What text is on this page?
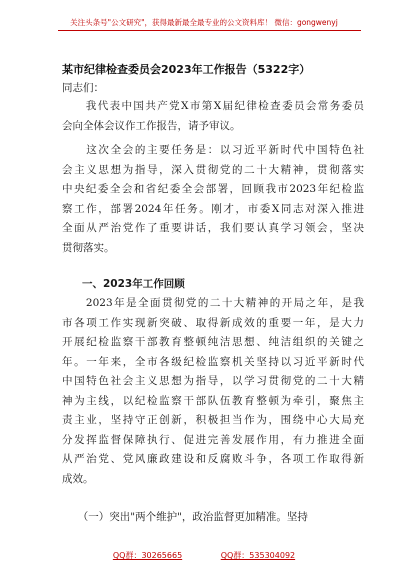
关注头条号"公文研究"，获得最新最全最专业的公文资料库！ 微信：gongwenyj
某市纪律检查委员会2023年工作报告（5322字）
同志们：
　　我代表中国共产党X市第X届纪律检查委员会常务委员
会向全体会议作工作报告，请予审议。
　　这次全会的主要任务是：以习近平新时代中国特色社
会主义思想为指导，深入贯彻党的二十大精神，贯彻落实
中央纪委全会和省纪委全会部署，回顾我市2023年纪检监
察工作，部署2024年任务。刚才，市委X同志对深入推进
全面从严治党作了重要讲话，我们要认真学习领会，坚决
贯彻落实。
一、2023年工作回顾
　　2023年是全面贯彻党的二十大精神的开局之年，是我
市各项工作实现新突破、取得新成效的重要一年，是大力
开展纪检监察干部教育整顿纯洁思想、纯洁组织的关键之
年。一年来，全市各级纪检监察机关坚持以习近平新时代
中国特色社会主义思想为指导，以学习贯彻党的二十大精
神为主线，以纪检监察干部队伍教育整顿为牵引，聚焦主
责主业，坚持守正创新，积极担当作为，围绕中心大局充
分发挥监督保障执行、促进完善发展作用，有力推进全面
从严治党、党风廉政建设和反腐败斗争，各项工作取得新
成效。
　　（一）突出"两个维护"，政治监督更加精准。坚持
QQ群：30265665	QQ群：535304092
